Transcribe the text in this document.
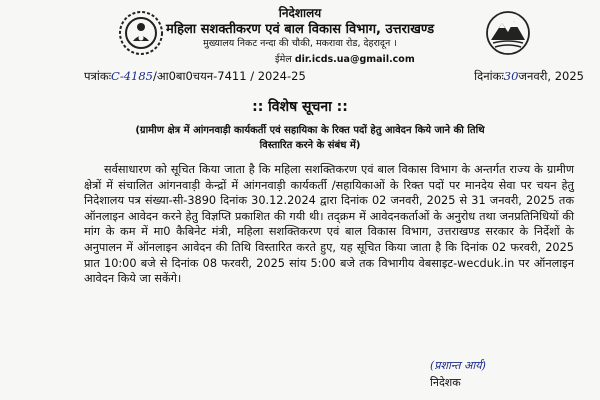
निदेशालय
महिला सशक्तीकरण एवं बाल विकास विभाग, उत्तराखण्ड
मुख्यालय निकट नन्दा की चौकी, मकरावा रोड, देहरादून ।
ईमेल dir.icds.ua@gmail.com
पत्रांकःC-4185/आ0बा0चयन-7411 / 2024-25	दिनांकः30जनवरी, 2025
:: विशेष सूचना ::
(ग्रामीण क्षेत्र में आंगनवाड़ी कार्यकर्ती एवं सहायिका के रिक्त पदों हेतु आवेदन किये जाने की तिथि विस्तारित करने के संबंध में)

सर्वसाधारण को सूचित किया जाता है कि महिला सशक्तिकरण एवं बाल विकास विभाग के अन्तर्गत राज्य के ग्रामीण क्षेत्रों में संचालित आंगनवाड़ी केन्द्रों में आंगनवाड़ी कार्यकर्ती /सहायिकाओं के रिक्त पदों पर मानदेय सेवा पर चयन हेतु निदेशालय पत्र संख्या-सी-3890 दिनांक 30.12.2024 द्वारा दिनांक 02 जनवरी, 2025 से 31 जनवरी, 2025 तक ऑनलाइन आवेदन करने हेतु विज्ञप्ति प्रकाशित की गयी थी। तद्क्रम में आवेदनकर्ताओं के अनुरोध तथा जनप्रतिनिधियों की मांग के कम में मा0 कैबिनेट मंत्री, महिला सशक्तिकरण एवं बाल विकास विभाग, उत्तराखण्ड सरकार के निर्देशों के अनुपालन में ऑनलाइन आवेदन की तिथि विस्तारित करते हुए, यह सूचित किया जाता है कि दिनांक 02 फरवरी, 2025 प्रात 10:00 बजे से दिनांक 08 फरवरी, 2025 सांय 5:00 बजे तक विभागीय वेबसाइट-wecduk.in पर ऑनलाइन आवेदन किये जा सकेंगे।

(प्रशान्त आर्य)
निदेशक
